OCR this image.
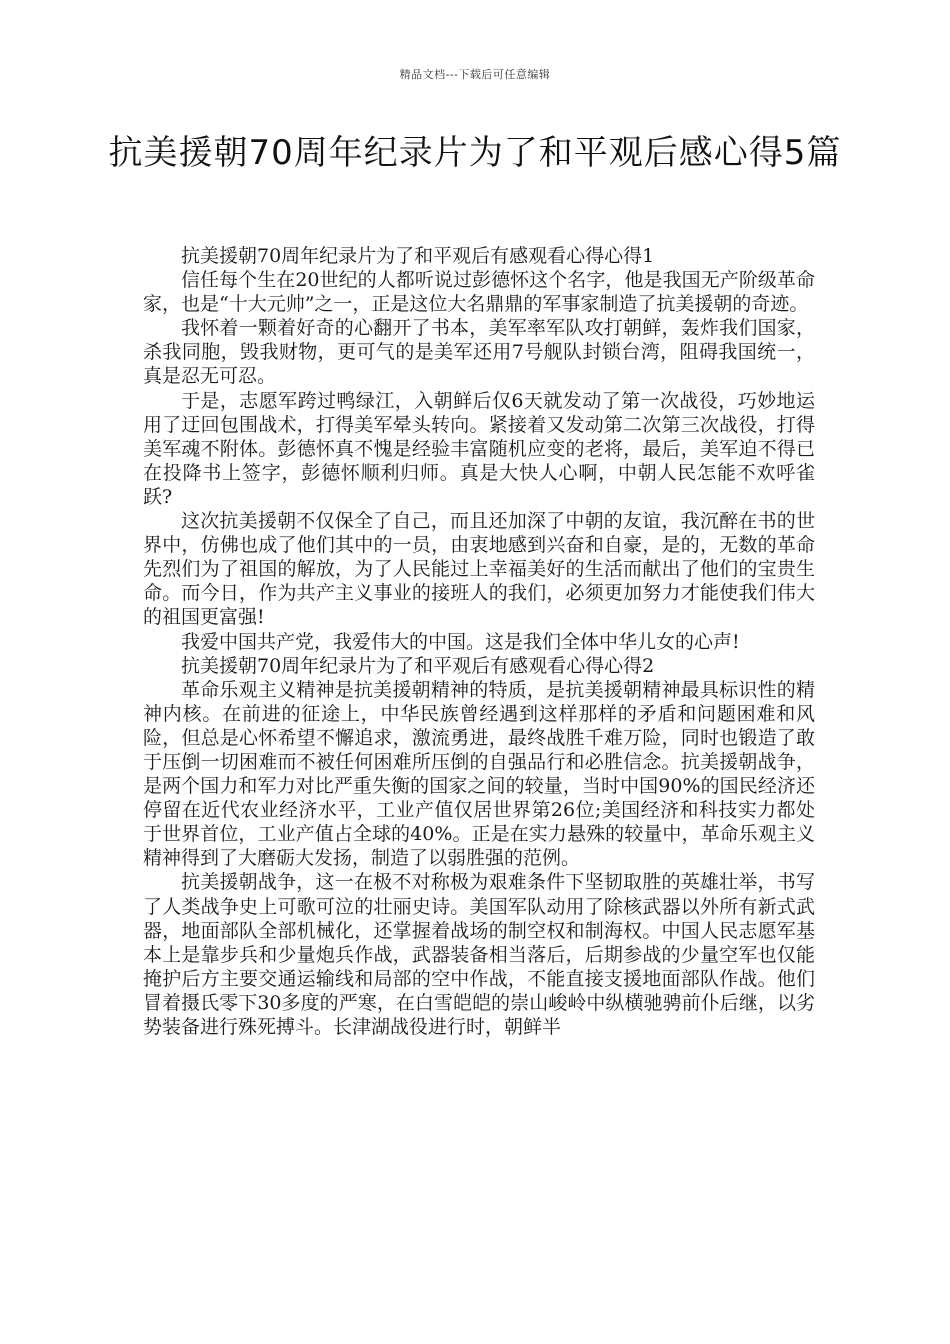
精品文档---下载后可任意编辑
抗美援朝70周年纪录片为了和平观后感心得5篇

抗美援朝70周年纪录片为了和平观后有感观看心得心得1

信任每个生在20世纪的人都听说过彭德怀这个名字，他是我国无产阶级革命家，也是“十大元帅”之一，正是这位大名鼎鼎的军事家制造了抗美援朝的奇迹。

我怀着一颗着好奇的心翻开了书本，美军率军队攻打朝鲜，轰炸我们国家，杀我同胞，毁我财物，更可气的是美军还用7号舰队封锁台湾，阻碍我国统一，真是忍无可忍。

于是，志愿军跨过鸭绿江，入朝鲜后仅6天就发动了第一次战役，巧妙地运用了迂回包围战术，打得美军晕头转向。紧接着又发动第二次第三次战役，打得美军魂不附体。彭德怀真不愧是经验丰富随机应变的老将，最后，美军迫不得已在投降书上签字，彭德怀顺利归师。真是大快人心啊，中朝人民怎能不欢呼雀跃?

这次抗美援朝不仅保全了自己，而且还加深了中朝的友谊，我沉醉在书的世界中，仿佛也成了他们其中的一员，由衷地感到兴奋和自豪，是的，无数的革命先烈们为了祖国的解放，为了人民能过上幸福美好的生活而献出了他们的宝贵生命。而今日，作为共产主义事业的接班人的我们，必须更加努力才能使我们伟大的祖国更富强!

我爱中国共产党，我爱伟大的中国。这是我们全体中华儿女的心声!

抗美援朝70周年纪录片为了和平观后有感观看心得心得2

革命乐观主义精神是抗美援朝精神的特质，是抗美援朝精神最具标识性的精神内核。在前进的征途上，中华民族曾经遇到这样那样的矛盾和问题困难和风险，但总是心怀希望不懈追求，激流勇进，最终战胜千难万险，同时也锻造了敢于压倒一切困难而不被任何困难所压倒的自强品行和必胜信念。抗美援朝战争，是两个国力和军力对比严重失衡的国家之间的较量，当时中国90%的国民经济还停留在近代农业经济水平，工业产值仅居世界第26位;美国经济和科技实力都处于世界首位，工业产值占全球的40%。正是在实力悬殊的较量中，革命乐观主义精神得到了大磨砺大发扬，制造了以弱胜强的范例。

抗美援朝战争，这一在极不对称极为艰难条件下坚韧取胜的英雄壮举，书写了人类战争史上可歌可泣的壮丽史诗。美国军队动用了除核武器以外所有新式武器，地面部队全部机械化，还掌握着战场的制空权和制海权。中国人民志愿军基本上是靠步兵和少量炮兵作战，武器装备相当落后，后期参战的少量空军也仅能掩护后方主要交通运输线和局部的空中作战，不能直接支援地面部队作战。他们冒着摄氏零下30多度的严寒，在白雪皑皑的崇山峻岭中纵横驰骋前仆后继，以劣势装备进行殊死搏斗。长津湖战役进行时，朝鲜半
